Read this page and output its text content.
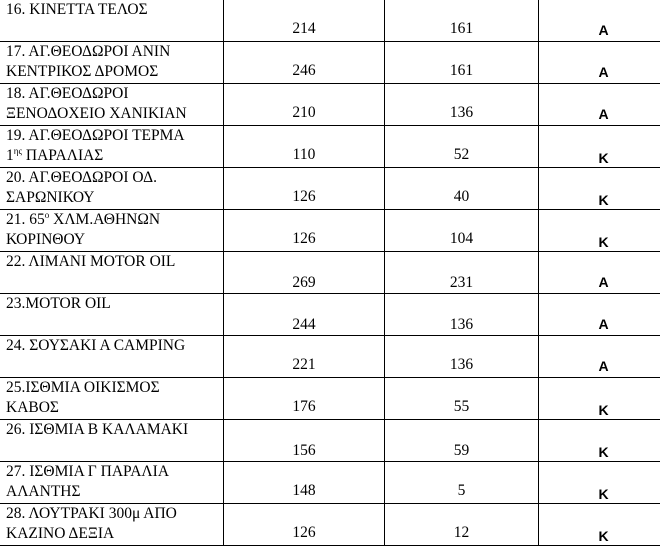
16. ΚΙΝΕΤΤΑ ΤΕΛΟΣ	214	161	Α

17. ΑΓ.ΘΕΟΔΩΡΟΙ ΑΝΙΝ
ΚΕΝΤΡΙΚΟΣ ΔΡΟΜΟΣ	246	161	Α

18. ΑΓ.ΘΕΟΔΩΡΟΙ
ΞΕΝΟΔΟΧΕΙΟ ΧΑΝΙΚΙΑΝ	210	136	Α

19. ΑΓ.ΘΕΟΔΩΡΟΙ ΤΕΡΜΑ
$1^{\eta\varsigma}$ ΠΑΡΑΛΙΑΣ	110	52	Κ

20. ΑΓ.ΘΕΟΔΩΡΟΙ ΟΔ.
ΣΑΡΩΝΙΚΟΥ	126	40	Κ

21. $65^o$ ΧΛΜ.ΑΘΗΝΩΝ
ΚΟΡΙΝΘΟΥ	126	104	Κ

22. ΛΙΜΑΝΙ MOTOR OIL	269	231	Α

23.MOTOR OIL	244	136	Α

24. ΣΟΥΣΑΚΙ Α CAMPING	221	136	Α

25.ΙΣΘΜΙΑ ΟΙΚΙΣΜΟΣ
ΚΑΒΟΣ	176	55	Κ

26. ΙΣΘΜΙΑ Β ΚΑΛΑΜΑΚΙ	156	59	Κ

27. ΙΣΘΜΙΑ Γ ΠΑΡΑΛΙΑ
ΑΛΑΝΤΗΣ	148	5	Κ

28. ΛΟΥΤΡΑΚΙ 300μ ΑΠΟ
ΚΑΖΙΝΟ ΔΕΞΙΑ	126	12	Κ
